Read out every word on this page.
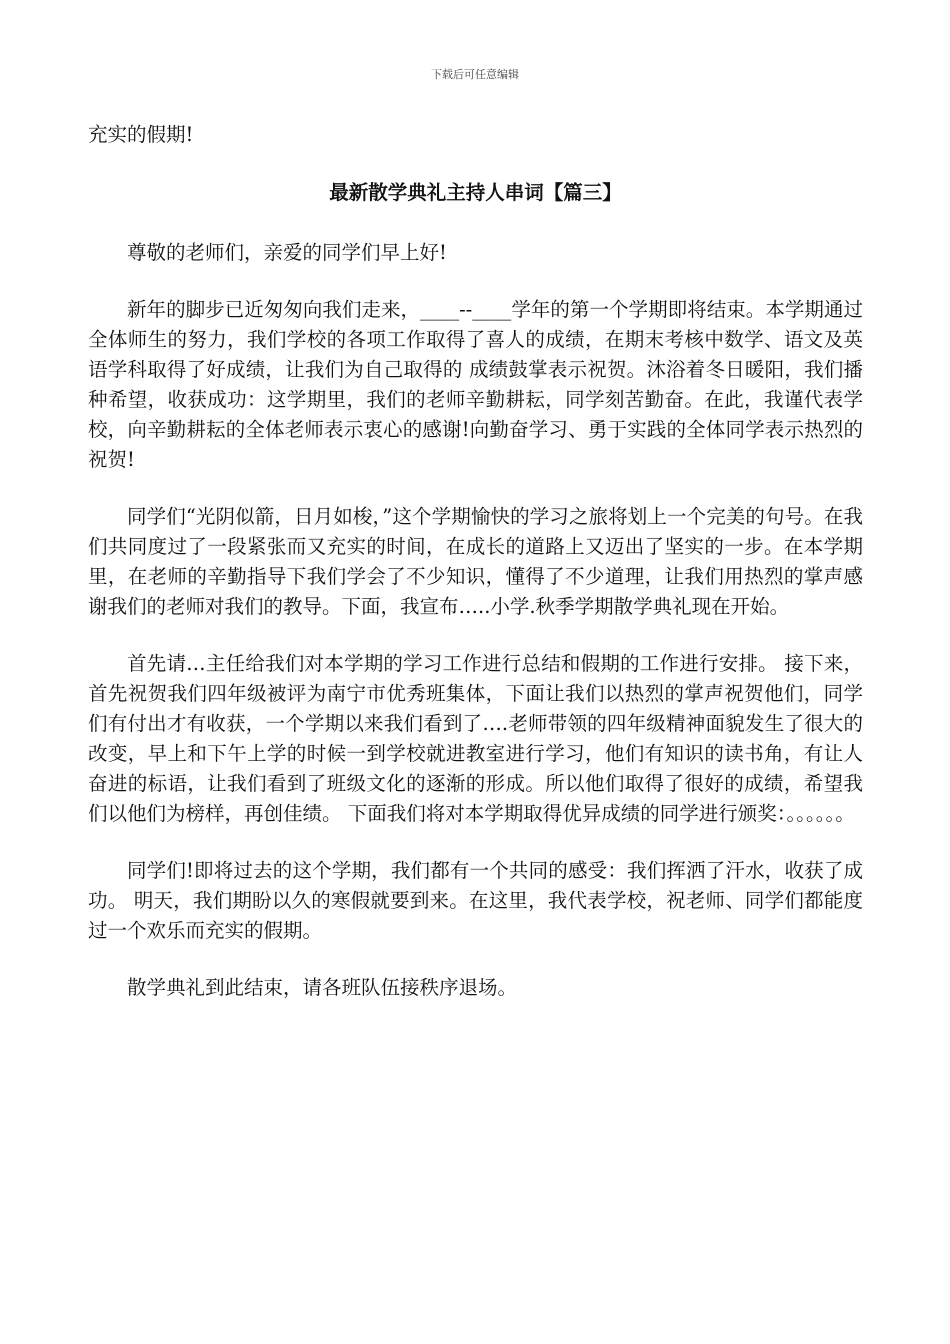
下载后可任意编辑

充实的假期!

最新散学典礼主持人串词【篇三】

尊敬的老师们，亲爱的同学们早上好!

新年的脚步已近匆匆向我们走来，____--____学年的第一个学期即将结束。本学期通过全体师生的努力，我们学校的各项工作取得了喜人的成绩，在期末考核中数学、语文及英语学科取得了好成绩，让我们为自己取得的 成绩鼓掌表示祝贺。沐浴着冬日暖阳，我们播种希望，收获成功：这学期里，我们的老师辛勤耕耘，同学刻苦勤奋。在此，我谨代表学校，向辛勤耕耘的全体老师表示衷心的感谢!向勤奋学习、勇于实践的全体同学表示热烈的祝贺!

同学们“光阴似箭，日月如梭，”这个学期愉快的学习之旅将划上一个完美的句号。在我们共同度过了一段紧张而又充实的时间，在成长的道路上又迈出了坚实的一步。在本学期里，在老师的辛勤指导下我们学会了不少知识，懂得了不少道理，让我们用热烈的掌声感谢我们的老师对我们的教导。下面，我宣布…..小学.秋季学期散学典礼现在开始。

首先请…主任给我们对本学期的学习工作进行总结和假期的工作进行安排。 接下来，首先祝贺我们四年级被评为南宁市优秀班集体，下面让我们以热烈的掌声祝贺他们，同学们有付出才有收获，一个学期以来我们看到了….老师带领的四年级精神面貌发生了很大的改变，早上和下午上学的时候一到学校就进教室进行学习，他们有知识的读书角，有让人奋进的标语，让我们看到了班级文化的逐渐的形成。所以他们取得了很好的成绩，希望我们以他们为榜样，再创佳绩。 下面我们将对本学期取得优异成绩的同学进行颁奖：。。。。。。

同学们!即将过去的这个学期，我们都有一个共同的感受：我们挥洒了汗水，收获了成功。 明天，我们期盼以久的寒假就要到来。在这里，我代表学校，祝老师、同学们都能度过一个欢乐而充实的假期。

散学典礼到此结束，请各班队伍接秩序退场。
